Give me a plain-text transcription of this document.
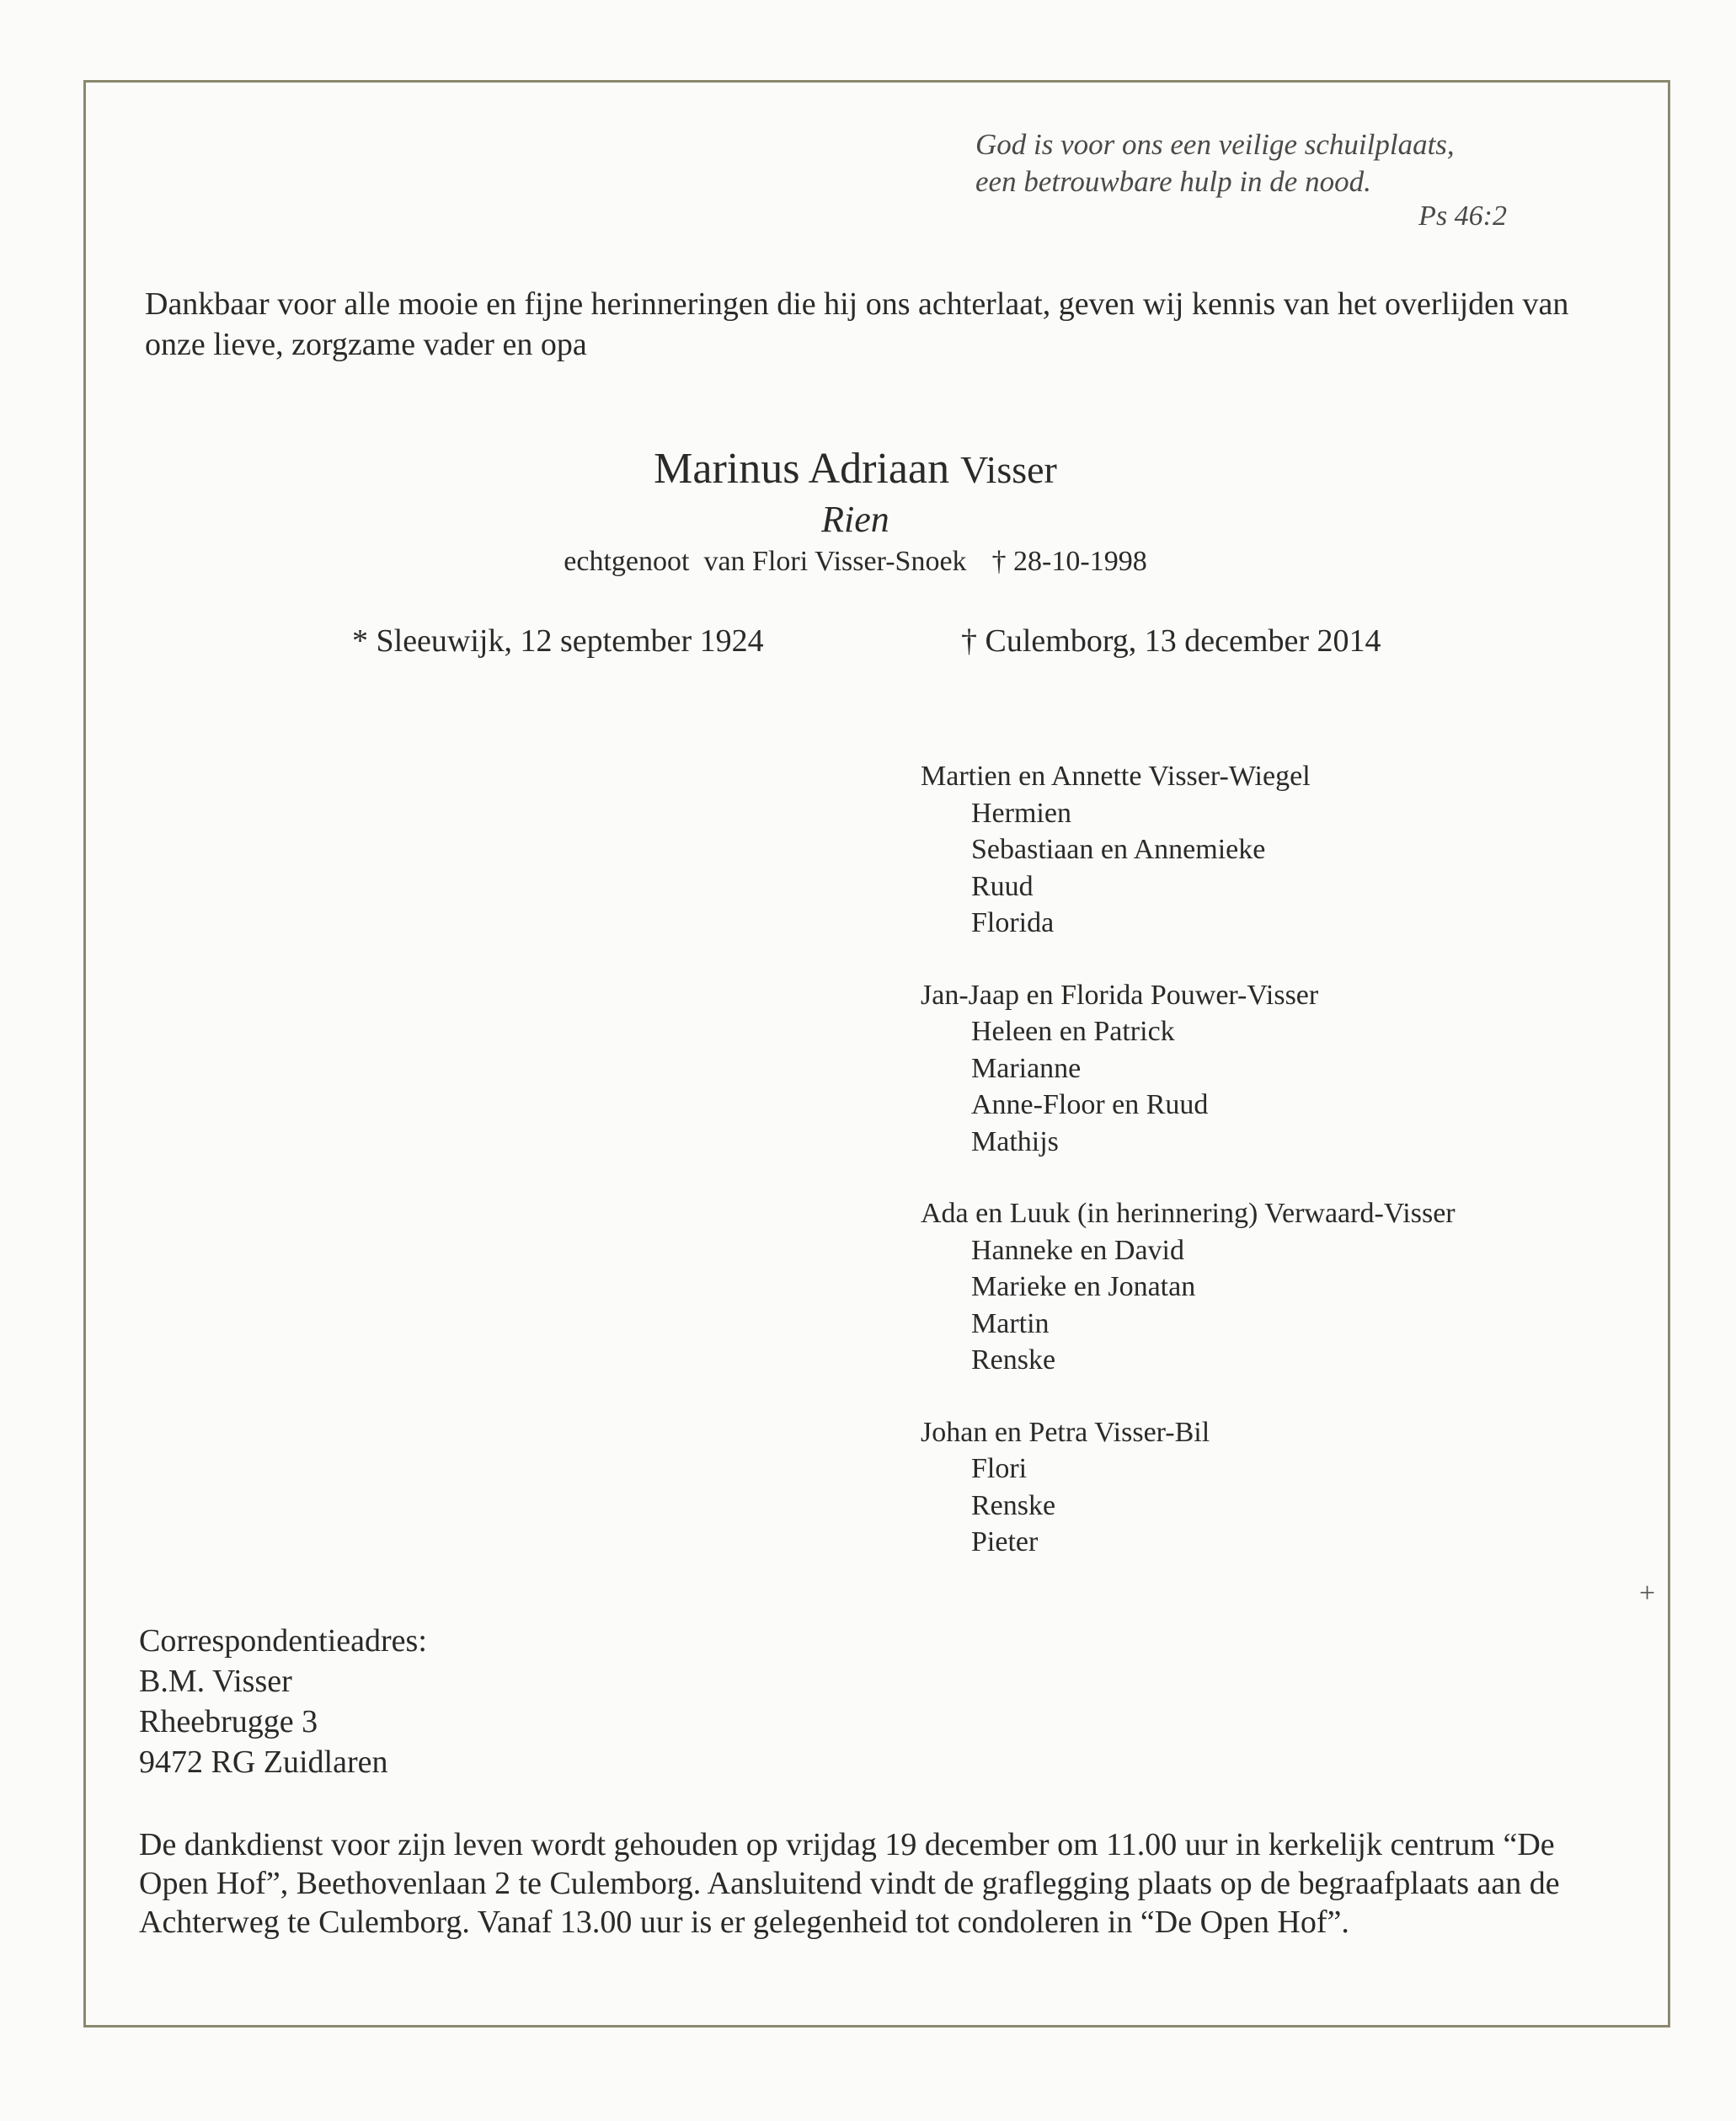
God is voor ons een veilige schuilplaats,
een betrouwbare hulp in de nood.
Ps 46:2
Dankbaar voor alle mooie en fijne herinneringen die hij ons achterlaat, geven wij kennis van het overlijden van onze lieve, zorgzame vader en opa
Marinus Adriaan Visser
Rien
echtgenoot  van Flori Visser-Snoek † 28-10-1998
* Sleeuwijk, 12 september 1924	† Culemborg, 13 december 2014
Martien en Annette Visser-Wiegel
Hermien
Sebastiaan en Annemieke
Ruud
Florida
Jan-Jaap en Florida Pouwer-Visser
Heleen en Patrick
Marianne
Anne-Floor en Ruud
Mathijs
Ada en Luuk (in herinnering) Verwaard-Visser
Hanneke en David
Marieke en Jonatan
Martin
Renske
Johan en Petra Visser-Bil
Flori
Renske
Pieter
+
Correspondentieadres:
B.M. Visser
Rheebrugge 3
9472 RG Zuidlaren
De dankdienst voor zijn leven wordt gehouden op vrijdag 19 december om 11.00 uur in kerkelijk centrum “De Open Hof”, Beethovenlaan 2 te Culemborg. Aansluitend vindt de graflegging plaats op de begraafplaats aan de Achterweg te Culemborg. Vanaf 13.00 uur is er gelegenheid tot condoleren in “De Open Hof”.
